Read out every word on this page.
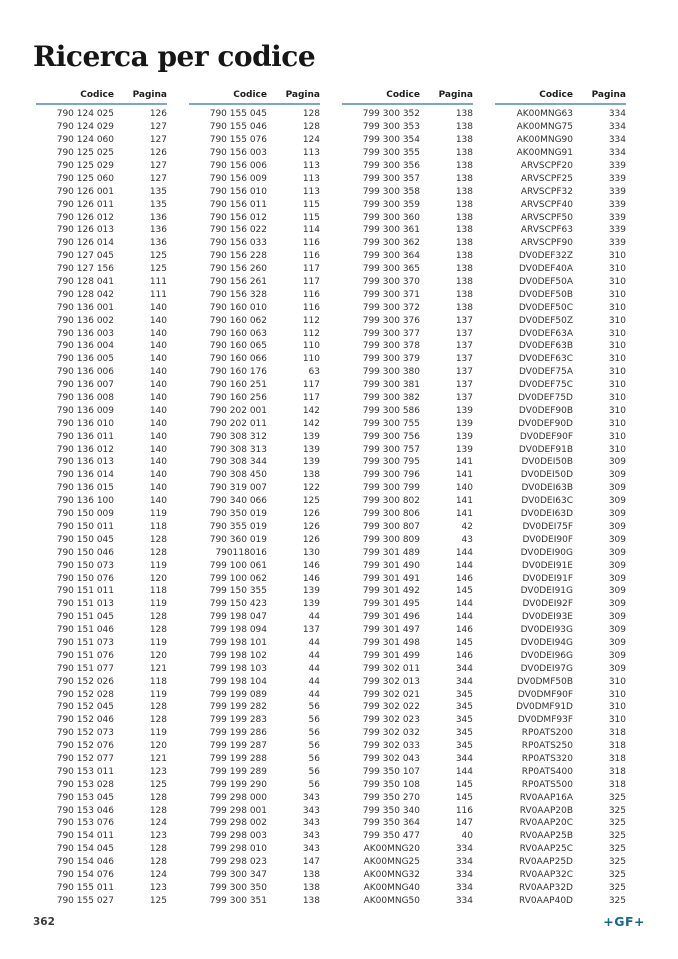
Ricerca per codice
Codice	Pagina
790 124 025	126
790 124 029	127
790 124 060	127
790 125 025	126
790 125 029	127
790 125 060	127
790 126 001	135
790 126 011	135
790 126 012	136
790 126 013	136
790 126 014	136
790 127 045	125
790 127 156	125
790 128 041	111
790 128 042	111
790 136 001	140
790 136 002	140
790 136 003	140
790 136 004	140
790 136 005	140
790 136 006	140
790 136 007	140
790 136 008	140
790 136 009	140
790 136 010	140
790 136 011	140
790 136 012	140
790 136 013	140
790 136 014	140
790 136 015	140
790 136 100	140
790 150 009	119
790 150 011	118
790 150 045	128
790 150 046	128
790 150 073	119
790 150 076	120
790 151 011	118
790 151 013	119
790 151 045	128
790 151 046	128
790 151 073	119
790 151 076	120
790 151 077	121
790 152 026	118
790 152 028	119
790 152 045	128
790 152 046	128
790 152 073	119
790 152 076	120
790 152 077	121
790 153 011	123
790 153 028	125
790 153 045	128
790 153 046	128
790 153 076	124
790 154 011	123
790 154 045	128
790 154 046	128
790 154 076	124
790 155 011	123
790 155 027	125
Codice	Pagina
790 155 045	128
790 155 046	128
790 155 076	124
790 156 003	113
790 156 006	113
790 156 009	113
790 156 010	113
790 156 011	115
790 156 012	115
790 156 022	114
790 156 033	116
790 156 228	116
790 156 260	117
790 156 261	117
790 156 328	116
790 160 010	116
790 160 062	112
790 160 063	112
790 160 065	110
790 160 066	110
790 160 176	63
790 160 251	117
790 160 256	117
790 202 001	142
790 202 011	142
790 308 312	139
790 308 313	139
790 308 344	139
790 308 450	138
790 319 007	122
790 340 066	125
790 350 019	126
790 355 019	126
790 360 019	126
790118016	130
799 100 061	146
799 100 062	146
799 150 355	139
799 150 423	139
799 198 047	44
799 198 094	137
799 198 101	44
799 198 102	44
799 198 103	44
799 198 104	44
799 199 089	44
799 199 282	56
799 199 283	56
799 199 286	56
799 199 287	56
799 199 288	56
799 199 289	56
799 199 290	56
799 298 000	343
799 298 001	343
799 298 002	343
799 298 003	343
799 298 010	343
799 298 023	147
799 300 347	138
799 300 350	138
799 300 351	138
Codice	Pagina
799 300 352	138
799 300 353	138
799 300 354	138
799 300 355	138
799 300 356	138
799 300 357	138
799 300 358	138
799 300 359	138
799 300 360	138
799 300 361	138
799 300 362	138
799 300 364	138
799 300 365	138
799 300 370	138
799 300 371	138
799 300 372	138
799 300 376	137
799 300 377	137
799 300 378	137
799 300 379	137
799 300 380	137
799 300 381	137
799 300 382	137
799 300 586	139
799 300 755	139
799 300 756	139
799 300 757	139
799 300 795	141
799 300 796	141
799 300 799	140
799 300 802	141
799 300 806	141
799 300 807	42
799 300 809	43
799 301 489	144
799 301 490	144
799 301 491	146
799 301 492	145
799 301 495	144
799 301 496	144
799 301 497	146
799 301 498	145
799 301 499	146
799 302 011	344
799 302 013	344
799 302 021	345
799 302 022	345
799 302 023	345
799 302 032	345
799 302 033	345
799 302 043	344
799 350 107	144
799 350 108	145
799 350 270	145
799 350 340	116
799 350 364	147
799 350 477	40
AK00MNG20	334
AK00MNG25	334
AK00MNG32	334
AK00MNG40	334
AK00MNG50	334
Codice	Pagina
AK00MNG63	334
AK00MNG75	334
AK00MNG90	334
AK00MNG91	334
ARVSCPF20	339
ARVSCPF25	339
ARVSCPF32	339
ARVSCPF40	339
ARVSCPF50	339
ARVSCPF63	339
ARVSCPF90	339
DV0DEF32Z	310
DV0DEF40A	310
DV0DEF50A	310
DV0DEF50B	310
DV0DEF50C	310
DV0DEF50Z	310
DV0DEF63A	310
DV0DEF63B	310
DV0DEF63C	310
DV0DEF75A	310
DV0DEF75C	310
DV0DEF75D	310
DV0DEF90B	310
DV0DEF90D	310
DV0DEF90F	310
DV0DEF91B	310
DV0DEI50B	309
DV0DEI50D	309
DV0DEI63B	309
DV0DEI63C	309
DV0DEI63D	309
DV0DEI75F	309
DV0DEI90F	309
DV0DEI90G	309
DV0DEI91E	309
DV0DEI91F	309
DV0DEI91G	309
DV0DEI92F	309
DV0DEI93E	309
DV0DEI93G	309
DV0DEI94G	309
DV0DEI96G	309
DV0DEI97G	309
DV0DMF50B	310
DV0DMF90F	310
DV0DMF91D	310
DV0DMF93F	310
RP0ATS200	318
RP0ATS250	318
RP0ATS320	318
RP0ATS400	318
RP0ATS500	318
RV0AAP16A	325
RV0AAP20B	325
RV0AAP20C	325
RV0AAP25B	325
RV0AAP25C	325
RV0AAP25D	325
RV0AAP32C	325
RV0AAP32D	325
RV0AAP40D	325
362	+GF+
